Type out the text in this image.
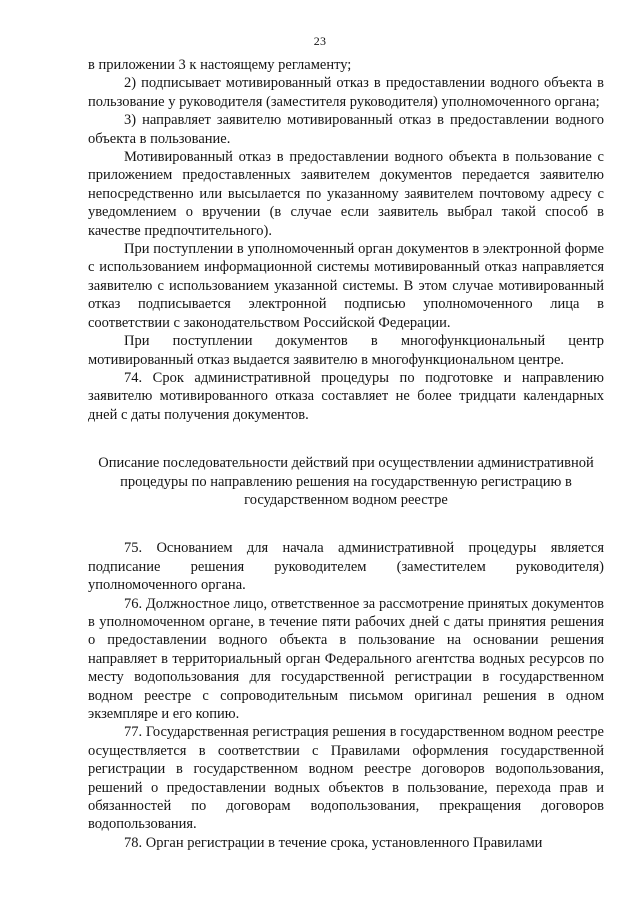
23

в приложении 3 к настоящему регламенту;

2) подписывает мотивированный отказ в предоставлении водного объекта в пользование у руководителя (заместителя руководителя) уполномоченного органа;

3) направляет заявителю мотивированный отказ в предоставлении водного объекта в пользование.

Мотивированный отказ в предоставлении водного объекта в пользование с приложением предоставленных заявителем документов передается заявителю непосредственно или высылается по указанному заявителем почтовому адресу с уведомлением о вручении (в случае если заявитель выбрал такой способ в качестве предпочтительного).

При поступлении в уполномоченный орган документов в электронной форме с использованием информационной системы мотивированный отказ направляется заявителю с использованием указанной системы. В этом случае мотивированный отказ подписывается электронной подписью уполномоченного лица в соответствии с законодательством Российской Федерации.

При поступлении документов в многофункциональный центр мотивированный отказ выдается заявителю в многофункциональном центре.

74. Срок административной процедуры по подготовке и направлению заявителю мотивированного отказа составляет не более тридцати календарных дней с даты получения документов.

Описание последовательности действий при осуществлении административной процедуры по направлению решения на государственную регистрацию в государственном водном реестре

75. Основанием для начала административной процедуры является подписание решения руководителем (заместителем руководителя) уполномоченного органа.

76. Должностное лицо, ответственное за рассмотрение принятых документов в уполномоченном органе, в течение пяти рабочих дней с даты принятия решения о предоставлении водного объекта в пользование на основании решения направляет в территориальный орган Федерального агентства водных ресурсов по месту водопользования для государственной регистрации в государственном водном реестре с сопроводительным письмом оригинал решения в одном экземпляре и его копию.

77. Государственная регистрация решения в государственном водном реестре осуществляется в соответствии с Правилами оформления государственной регистрации в государственном водном реестре договоров водопользования, решений о предоставлении водных объектов в пользование, перехода прав и обязанностей по договорам водопользования, прекращения договоров водопользования.

78. Орган регистрации в течение срока, установленного Правилами
